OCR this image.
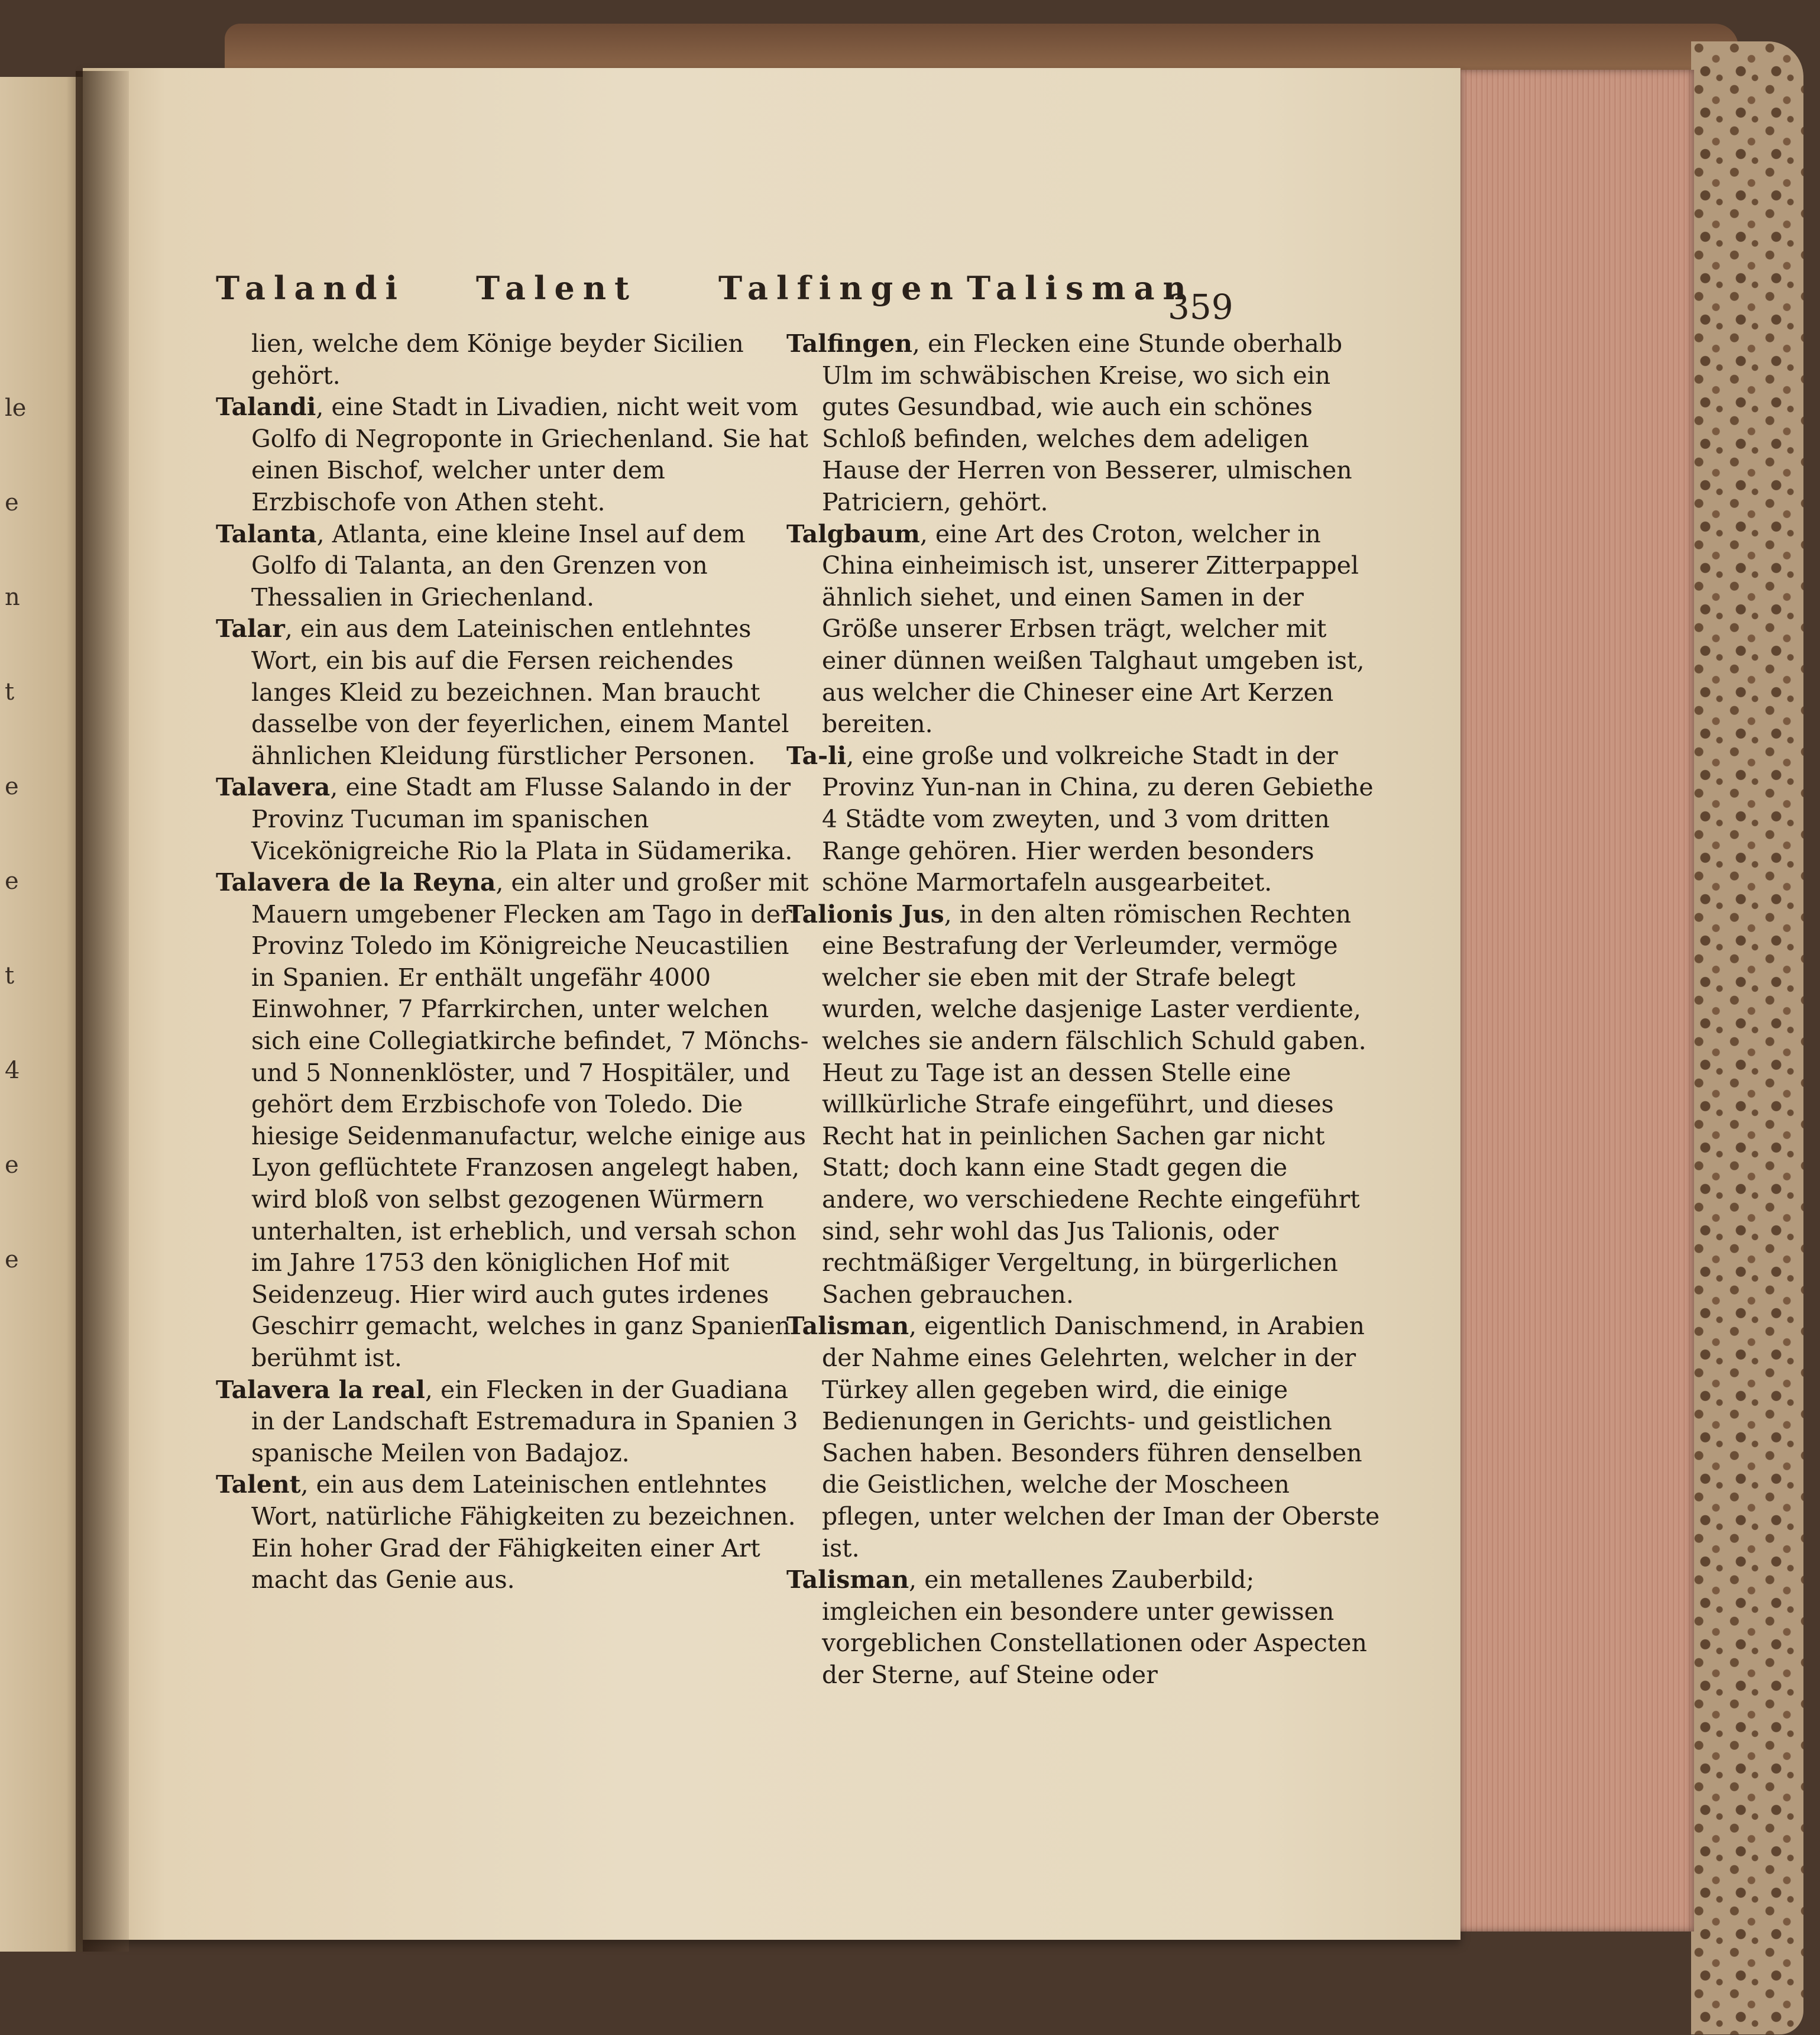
le
e
n
t
e
e
t
4
e
e
Talandi Talent	Talfingen Talisman
359

lien, welche dem Könige beyder Sicilien gehört.

Talandi, eine Stadt in Livadien, nicht weit vom Golfo di Negroponte in Griechenland. Sie hat einen Bischof, welcher unter dem Erzbischofe von Athen steht.

Talanta, Atlanta, eine kleine Insel auf dem Golfo di Talanta, an den Grenzen von Thessalien in Griechenland.

Talar, ein aus dem Lateinischen entlehntes Wort, ein bis auf die Fersen reichendes langes Kleid zu bezeichnen. Man braucht dasselbe von der feyerlichen, einem Mantel ähnlichen Kleidung fürstlicher Personen.

Talavera, eine Stadt am Flusse Salando in der Provinz Tucuman im spanischen Vicekönigreiche Rio la Plata in Südamerika.

Talavera de la Reyna, ein alter und großer mit Mauern umgebener Flecken am Tago in der Provinz Toledo im Königreiche Neucastilien in Spanien. Er enthält ungefähr 4000 Einwohner, 7 Pfarrkirchen, unter welchen sich eine Collegiatkirche befindet, 7 Mönchs- und 5 Nonnenklöster, und 7 Hospitäler, und gehört dem Erzbischofe von Toledo. Die hiesige Seidenmanufactur, welche einige aus Lyon geflüchtete Franzosen angelegt haben, wird bloß von selbst gezogenen Würmern unterhalten, ist erheblich, und versah schon im Jahre 1753 den königlichen Hof mit Seidenzeug. Hier wird auch gutes irdenes Geschirr gemacht, welches in ganz Spanien berühmt ist.

Talavera la real, ein Flecken in der Guadiana in der Landschaft Estremadura in Spanien 3 spanische Meilen von Badajoz.

Talent, ein aus dem Lateinischen entlehntes Wort, natürliche Fähigkeiten zu bezeichnen. Ein hoher Grad der Fähigkeiten einer Art macht das Genie aus.

Talfingen, ein Flecken eine Stunde oberhalb Ulm im schwäbischen Kreise, wo sich ein gutes Gesundbad, wie auch ein schönes Schloß befinden, welches dem adeligen Hause der Herren von Besserer, ulmischen Patriciern, gehört.

Talgbaum, eine Art des Croton, welcher in China einheimisch ist, unserer Zitterpappel ähnlich siehet, und einen Samen in der Größe unserer Erbsen trägt, welcher mit einer dünnen weißen Talghaut umgeben ist, aus welcher die Chineser eine Art Kerzen bereiten.

Ta-li, eine große und volkreiche Stadt in der Provinz Yun-nan in China, zu deren Gebiethe 4 Städte vom zweyten, und 3 vom dritten Range gehören. Hier werden besonders schöne Marmortafeln ausgearbeitet.

Talionis Jus, in den alten römischen Rechten eine Bestrafung der Verleumder, vermöge welcher sie eben mit der Strafe belegt wurden, welche dasjenige Laster verdiente, welches sie andern fälschlich Schuld gaben. Heut zu Tage ist an dessen Stelle eine willkürliche Strafe eingeführt, und dieses Recht hat in peinlichen Sachen gar nicht Statt; doch kann eine Stadt gegen die andere, wo verschiedene Rechte eingeführt sind, sehr wohl das Jus Talionis, oder rechtmäßiger Vergeltung, in bürgerlichen Sachen gebrauchen.

Talisman, eigentlich Danischmend, in Arabien der Nahme eines Gelehrten, welcher in der Türkey allen gegeben wird, die einige Bedienungen in Gerichts- und geistlichen Sachen haben. Besonders führen denselben die Geistlichen, welche der Moscheen pflegen, unter welchen der Iman der Oberste ist.

Talisman, ein metallenes Zauberbild; imgleichen ein besondere unter gewissen vorgeblichen Constellationen oder Aspecten der Sterne, auf Steine oder
